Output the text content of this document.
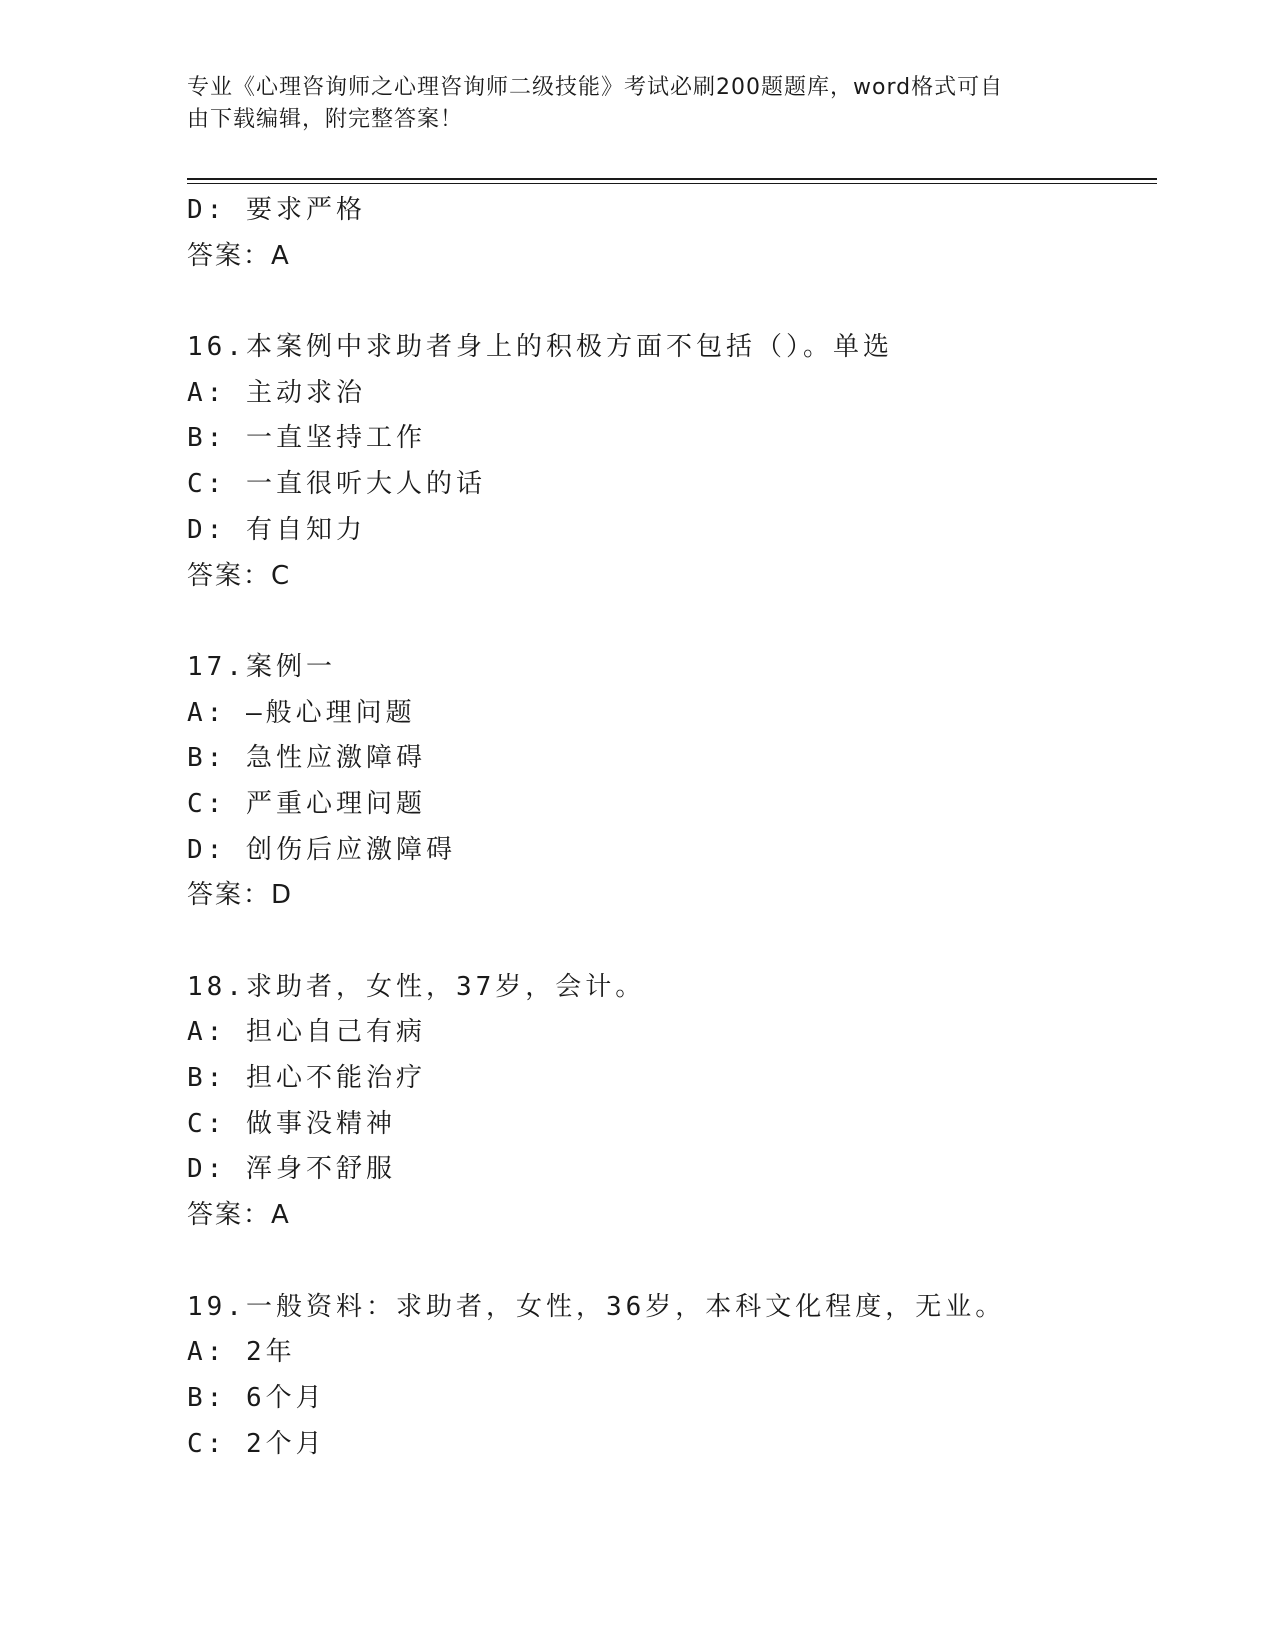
专业《心理咨询师之心理咨询师二级技能》考试必刷200题题库，word格式可自
由下载编辑，附完整答案！
D: 要求严格
答案：A
16.本案例中求助者身上的积极方面不包括（）。单选
A: 主动求治
B: 一直坚持工作
C: 一直很听大人的话
D: 有自知力
答案：C
17.案例一
A: —般心理问题
B: 急性应激障碍
C: 严重心理问题
D: 创伤后应激障碍
答案：D
18.求助者，女性，37岁，会计。
A: 担心自己有病
B: 担心不能治疗
C: 做事没精神
D: 浑身不舒服
答案：A
19.一般资料：求助者，女性，36岁，本科文化程度，无业。
A: 2年
B: 6个月
C: 2个月
